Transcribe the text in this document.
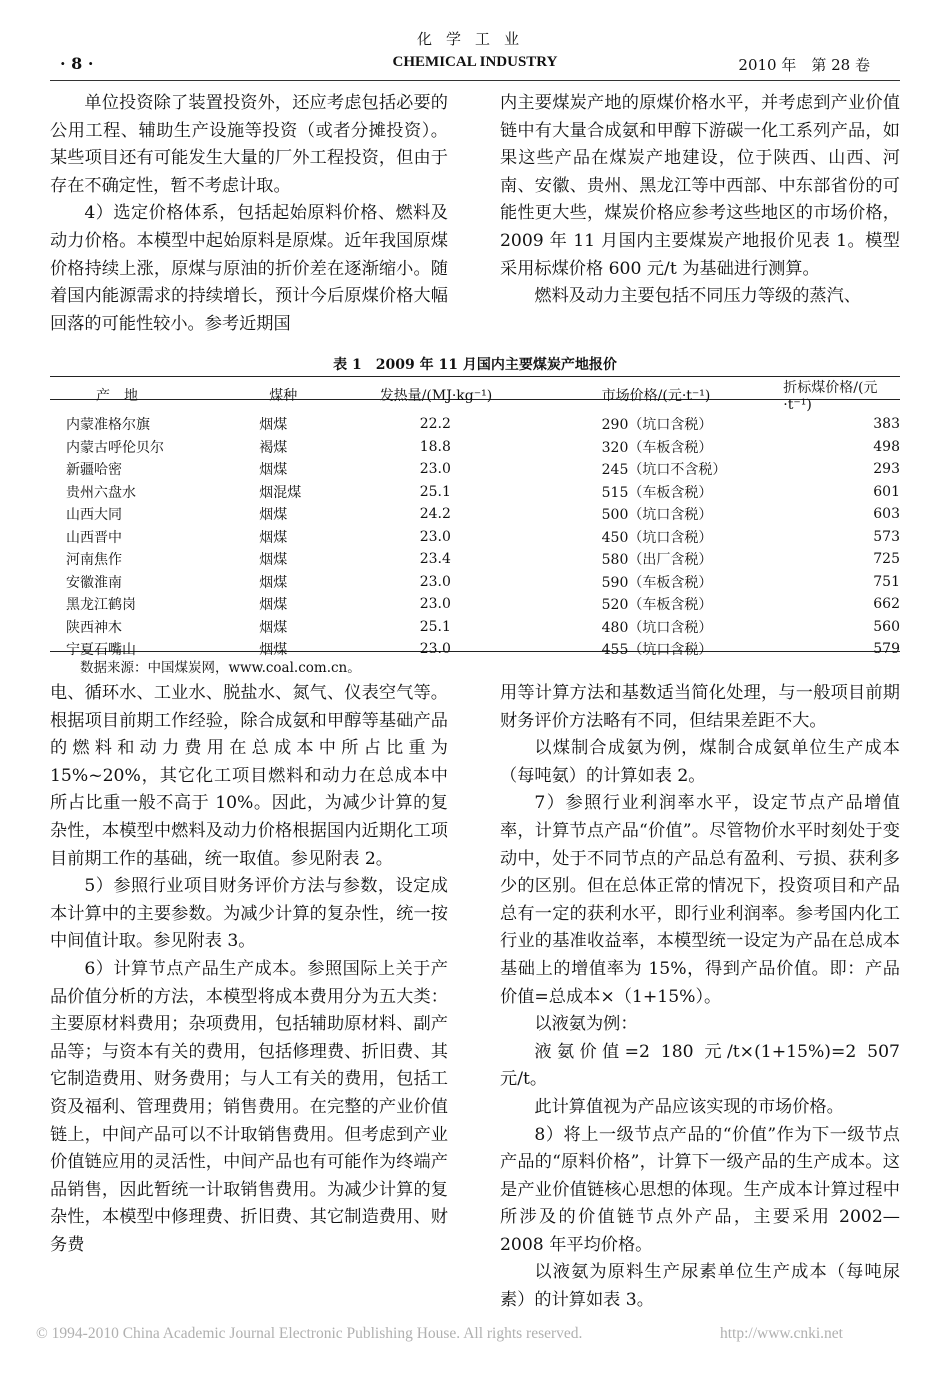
化学工业
· 8 ·	CHEMICAL INDUSTRY	2010 年　第 28 卷

单位投资除了装置投资外，还应考虑包括必要的公用工程、辅助生产设施等投资（或者分摊投资）。某些项目还有可能发生大量的厂外工程投资，但由于存在不确定性，暂不考虑计取。

4）选定价格体系，包括起始原料价格、燃料及动力价格。本模型中起始原料是原煤。近年我国原煤价格持续上涨，原煤与原油的折价差在逐渐缩小。随着国内能源需求的持续增长，预计今后原煤价格大幅回落的可能性较小。参考近期国

内主要煤炭产地的原煤价格水平，并考虑到产业价值链中有大量合成氨和甲醇下游碳一化工系列产品，如果这些产品在煤炭产地建设，位于陕西、山西、河南、安徽、贵州、黑龙江等中西部、中东部省份的可能性更大些，煤炭价格应参考这些地区的市场价格，2009 年 11 月国内主要煤炭产地报价见表 1。模型采用标煤价格 600 元/t 为基础进行测算。

燃料及动力主要包括不同压力等级的蒸汽、

表 1　2009 年 11 月国内主要煤炭产地报价
产　地	煤种	发热量/(MJ·kg⁻¹)	市场价格/(元·t⁻¹)	折标煤价格/(元·t⁻¹)
内蒙准格尔旗	烟煤	22.2	290（坑口含税）	383
内蒙古呼伦贝尔	褐煤	18.8	320（车板含税）	498
新疆哈密	烟煤	23.0	245（坑口不含税）	293
贵州六盘水	烟混煤	25.1	515（车板含税）	601
山西大同	烟煤	24.2	500（坑口含税）	603
山西晋中	烟煤	23.0	450（坑口含税）	573
河南焦作	烟煤	23.4	580（出厂含税）	725
安徽淮南	烟煤	23.0	590（车板含税）	751
黑龙江鹤岗	烟煤	23.0	520（车板含税）	662
陕西神木	烟煤	25.1	480（坑口含税）	560
宁夏石嘴山	烟煤	23.0	455（坑口含税）	579
数据来源：中国煤炭网，www.coal.com.cn。

电、循环水、工业水、脱盐水、氮气、仪表空气等。根据项目前期工作经验，除合成氨和甲醇等基础产品的燃料和动力费用在总成本中所占比重为 15%~20%，其它化工项目燃料和动力在总成本中所占比重一般不高于 10%。因此，为减少计算的复杂性，本模型中燃料及动力价格根据国内近期化工项目前期工作的基础，统一取值。参见附表 2。

5）参照行业项目财务评价方法与参数，设定成本计算中的主要参数。为减少计算的复杂性，统一按中间值计取。参见附表 3。

6）计算节点产品生产成本。参照国际上关于产品价值分析的方法，本模型将成本费用分为五大类：主要原材料费用；杂项费用，包括辅助原材料、副产品等；与资本有关的费用，包括修理费、折旧费、其它制造费用、财务费用；与人工有关的费用，包括工资及福利、管理费用；销售费用。在完整的产业价值链上，中间产品可以不计取销售费用。但考虑到产业价值链应用的灵活性，中间产品也有可能作为终端产品销售，因此暂统一计取销售费用。为减少计算的复杂性，本模型中修理费、折旧费、其它制造费用、财务费

用等计算方法和基数适当简化处理，与一般项目前期财务评价方法略有不同，但结果差距不大。

以煤制合成氨为例，煤制合成氨单位生产成本（每吨氨）的计算如表 2。

7）参照行业利润率水平，设定节点产品增值率，计算节点产品“价值”。尽管物价水平时刻处于变动中，处于不同节点的产品总有盈利、亏损、获利多少的区别。但在总体正常的情况下，投资项目和产品总有一定的获利水平，即行业利润率。参考国内化工行业的基准收益率，本模型统一设定为产品在总成本基础上的增值率为 15%，得到产品价值。即：产品价值=总成本×（1+15%）。

以液氨为例：

液氨价值=2 180 元/t×(1+15%)=2 507 元/t。

此计算值视为产品应该实现的市场价格。

8）将上一级节点产品的“价值”作为下一级节点产品的“原料价格”，计算下一级产品的生产成本。这是产业价值链核心思想的体现。生产成本计算过程中所涉及的价值链节点外产品，主要采用 2002—2008 年平均价格。

以液氨为原料生产尿素单位生产成本（每吨尿素）的计算如表 3。

© 1994-2010 China Academic Journal Electronic Publishing House. All rights reserved.	http://www.cnki.net
